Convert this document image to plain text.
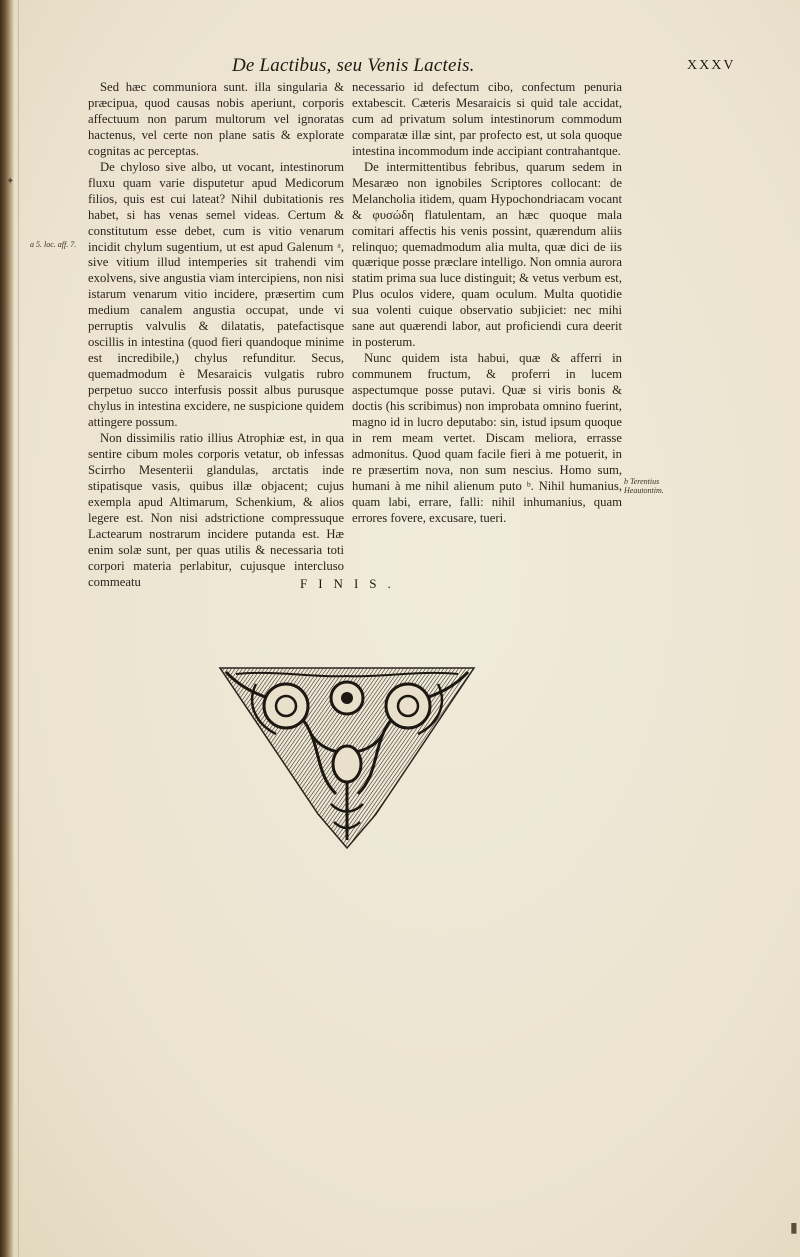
De Lactibus, seu Venis Lacteis.	XXXV

Sed hæc communiora sunt. illa singularia & præcipua, quod causas nobis aperiunt, corporis affectuum non parum multorum vel ignoratas hactenus, vel certe non plane satis & explorate cognitas ac perceptas.

De chyloso sive albo, ut vocant, intestinorum fluxu quam varie disputetur apud Medicorum filios, quis est cui lateat? Nihil dubitationis res habet, si has venas semel videas. Certum & constitutum esse debet, cum is vitio venarum incidit chylum sugentium, ut est apud Galenum ᵃ, sive vitium illud intemperies sit trahendi vim exolvens, sive angustia viam intercipiens, non nisi istarum venarum vitio incidere, præsertim cum medium canalem angustia occupat, unde vi perruptis valvulis & dilatatis, patefactisque oscillis in intestina (quod fieri quandoque minime est incredibile,) chylus refunditur. Secus, quemadmodum è Mesaraicis vulgatis rubro perpetuo succo interfusis possit albus purusque chylus in intestina excidere, ne suspicione quidem attingere possum.

Non dissimilis ratio illius Atrophiæ est, in qua sentire cibum moles corporis vetatur, ob infessas Scirrho Mesenterii glandulas, arctatis inde stipatisque vasis, quibus illæ objacent; cujus exempla apud Altimarum, Schenkium, & alios legere est. Non nisi adstrictione compressuque Lactearum nostrarum incidere putanda est. Hæ enim solæ sunt, per quas utilis & necessaria toti corpori materia perlabitur, cujusque interclusо commeatu

necessario id defectum cibo, confectum penuria extabescit. Cæteris Mesaraicis si quid tale accidat, cum ad privatum solum intestinorum commodum comparatæ illæ sint, par profecto est, ut sola quoque intestina incommodum inde accipiant contrahantque.

De intermittentibus febribus, quarum sedem in Mesaræo non ignobiles Scriptores collocant: de Melancholia itidem, quam Hypochondriacam vocant & φυσώδη flatulentam, an hæc quoque mala comitari affectis his venis possint, quærendum aliis relinquo; quemadmodum alia multa, quæ dici de iis quærique posse præclare intelligo. Non omnia aurora statim prima sua luce distinguit; & vetus verbum est, Plus oculos videre, quam oculum. Multa quotidie sua volenti cuique observatio subjiciet: nec mihi sane aut quærendi labor, aut proficiendi cura deerit in posterum.

Nunc quidem ista habui, quæ & afferri in communem fructum, & proferri in lucem aspectumque posse putavi. Quæ si viris bonis & doctis (his scribimus) non improbata omnino fuerint, magno id in lucro deputabo: sin, istud ipsum quoque in rem meam vertet. Discam meliora, errasse admonitus. Quod quam facile fieri à me potuerit, in re præsertim nova, non sum nescius. Homo sum, humani à me nihil alienum puto ᵇ. Nihil humanius, quam labi, errare, falli: nihil inhumanius, quam errores fovere, excusare, tueri.

a 5. loc. aff. 7.
b Terentius
Heautontim.
FINIS.
✦
▮
